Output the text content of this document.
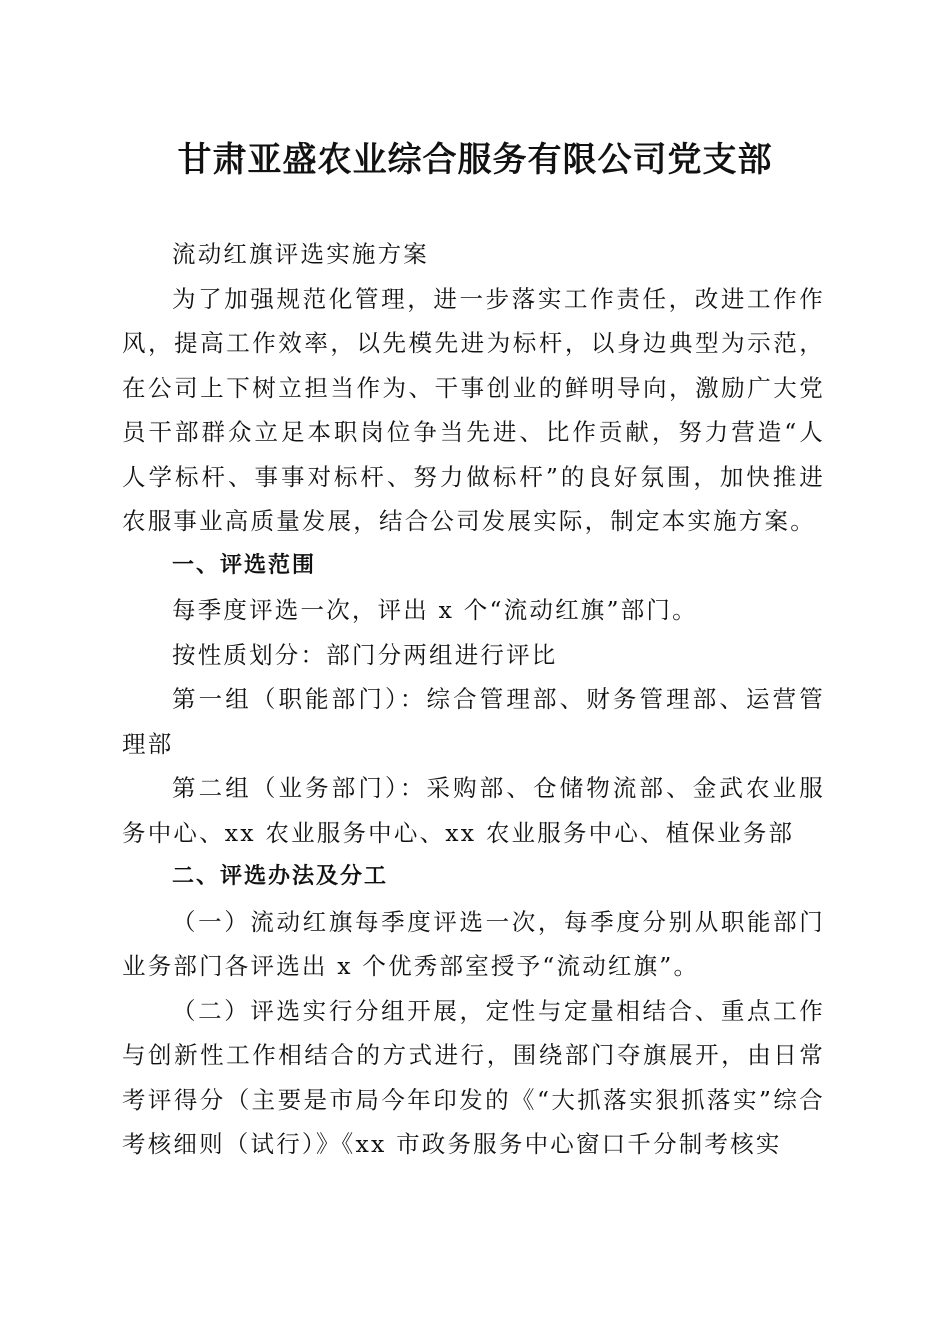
甘肃亚盛农业综合服务有限公司党支部

流动红旗评选实施方案

为了加强规范化管理，进一步落实工作责任，改进工作作风，提高工作效率，以先模先进为标杆，以身边典型为示范，在公司上下树立担当作为、干事创业的鲜明导向，激励广大党员干部群众立足本职岗位争当先进、比作贡献，努力营造“人人学标杆、事事对标杆、努力做标杆”的良好氛围，加快推进农服事业高质量发展，结合公司发展实际，制定本实施方案。

一、评选范围

每季度评选一次，评出 x 个“流动红旗”部门。

按性质划分：部门分两组进行评比

第一组（职能部门）：综合管理部、财务管理部、运营管理部

第二组（业务部门）：采购部、仓储物流部、金武农业服务中心、xx 农业服务中心、xx 农业服务中心、植保业务部

二、评选办法及分工

（一）流动红旗每季度评选一次，每季度分别从职能部门业务部门各评选出 x 个优秀部室授予“流动红旗”。

（二）评选实行分组开展，定性与定量相结合、重点工作与创新性工作相结合的方式进行，围绕部门夺旗展开，由日常考评得分（主要是市局今年印发的《“大抓落实狠抓落实”综合考核细则（试行）》《xx 市政务服务中心窗口千分制考核实
